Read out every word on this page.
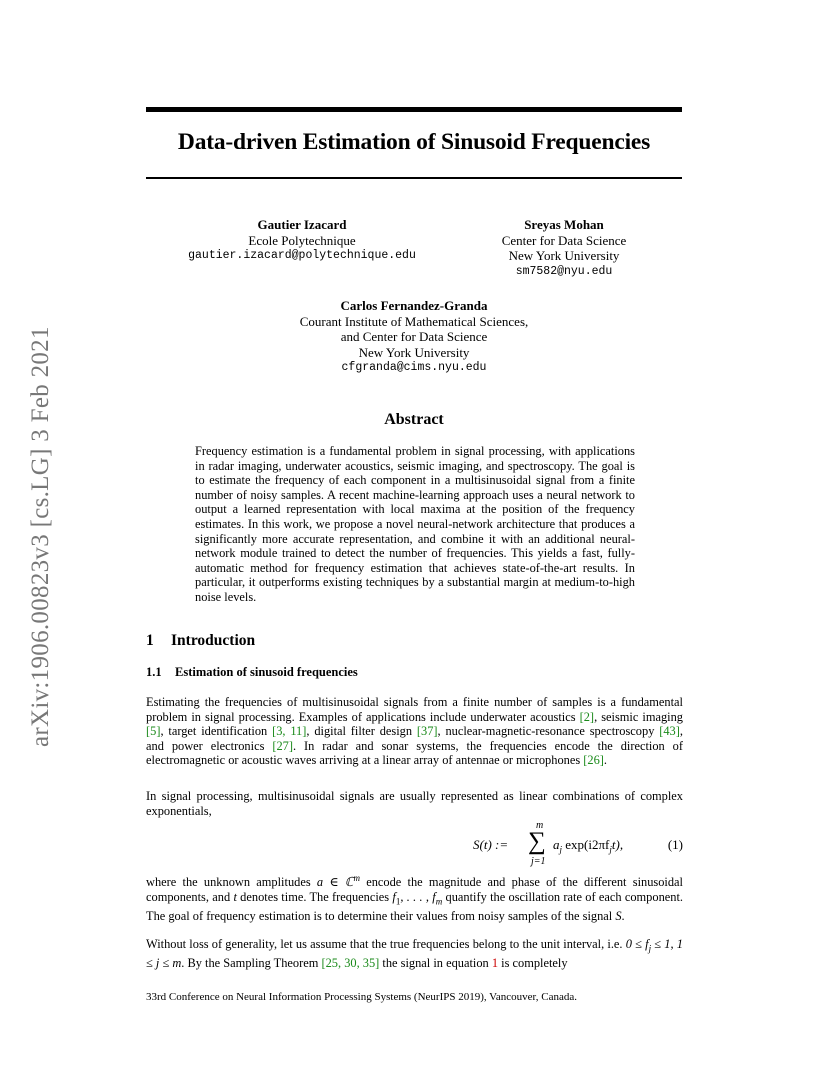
arXiv:1906.00823v3 [cs.LG] 3 Feb 2021
Data-driven Estimation of Sinusoid Frequencies
Gautier Izacard
Ecole Polytechnique
gautier.izacard@polytechnique.edu
Sreyas Mohan
Center for Data Science
New York University
sm7582@nyu.edu
Carlos Fernandez-Granda
Courant Institute of Mathematical Sciences,
and Center for Data Science
New York University
cfgranda@cims.nyu.edu
Abstract
Frequency estimation is a fundamental problem in signal processing, with applications in radar imaging, underwater acoustics, seismic imaging, and spectroscopy. The goal is to estimate the frequency of each component in a multisinusoidal signal from a finite number of noisy samples. A recent machine-learning approach uses a neural network to output a learned representation with local maxima at the position of the frequency estimates. In this work, we propose a novel neural-network architecture that produces a significantly more accurate representation, and combine it with an additional neural-network module trained to detect the number of frequencies. This yields a fast, fully-automatic method for frequency estimation that achieves state-of-the-art results. In particular, it outperforms existing techniques by a substantial margin at medium-to-high noise levels.
1 Introduction
1.1 Estimation of sinusoid frequencies
Estimating the frequencies of multisinusoidal signals from a finite number of samples is a fundamental problem in signal processing. Examples of applications include underwater acoustics [2], seismic imaging [5], target identification [3, 11], digital filter design [37], nuclear-magnetic-resonance spectroscopy [43], and power electronics [27]. In radar and sonar systems, the frequencies encode the direction of electromagnetic or acoustic waves arriving at a linear array of antennae or microphones [26].
In signal processing, multisinusoidal signals are usually represented as linear combinations of complex exponentials,
S(t) :=
m
∑
j=1
$a_j$ $\exp(i2\pi f_jt)$,	(1)
where the unknown amplitudes a ∈ ℂ$^m$ encode the magnitude and phase of the different sinusoidal components, and t denotes time. The frequencies $f_1$, . . . , $f_m$ quantify the oscillation rate of each component. The goal of frequency estimation is to determine their values from noisy samples of the signal S.
Without loss of generality, let us assume that the true frequencies belong to the unit interval, i.e. $0 \le f_j \le 1$, 1 ≤ j ≤ m. By the Sampling Theorem [25, 30, 35] the signal in equation 1 is completely
33rd Conference on Neural Information Processing Systems (NeurIPS 2019), Vancouver, Canada.
